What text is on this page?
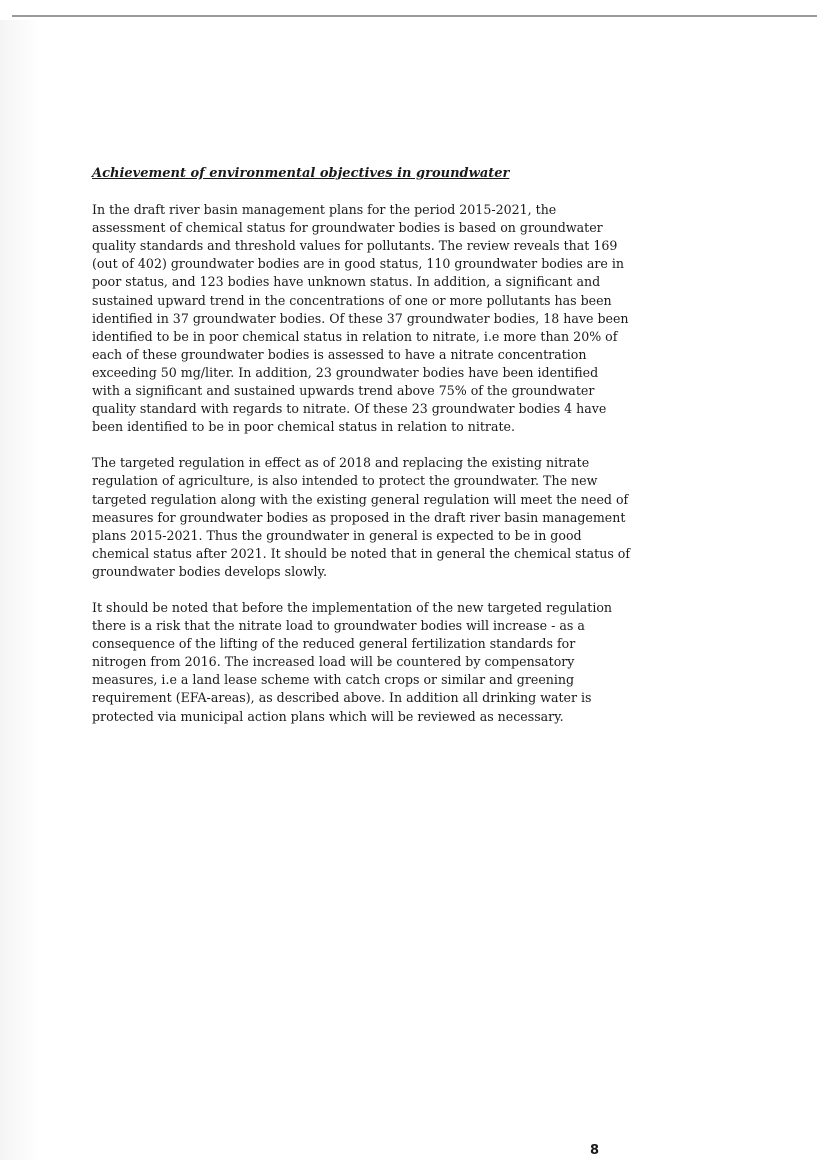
Achievement of environmental objectives in groundwater
In the draft river basin management plans for the period 2015-2021, the
assessment of chemical status for groundwater bodies is based on groundwater
quality standards and threshold values for pollutants. The review reveals that 169
(out of 402) groundwater bodies are in good status, 110 groundwater bodies are in
poor status, and 123 bodies have unknown status. In addition, a significant and
sustained upward trend in the concentrations of one or more pollutants has been
identified in 37 groundwater bodies. Of these 37 groundwater bodies, 18 have been
identified to be in poor chemical status in relation to nitrate, i.e more than 20% of
each of these groundwater bodies is assessed to have a nitrate concentration
exceeding 50 mg/liter. In addition, 23 groundwater bodies have been identified
with a significant and sustained upwards trend above 75% of the groundwater
quality standard with regards to nitrate. Of these 23 groundwater bodies 4 have
been identified to be in poor chemical status in relation to nitrate.
The targeted regulation in effect as of 2018 and replacing the existing nitrate
regulation of agriculture, is also intended to protect the groundwater. The new
targeted regulation along with the existing general regulation will meet the need of
measures for groundwater bodies as proposed in the draft river basin management
plans 2015-2021. Thus the groundwater in general is expected to be in good
chemical status after 2021. It should be noted that in general the chemical status of
groundwater bodies develops slowly.
It should be noted that before the implementation of the new targeted regulation
there is a risk that the nitrate load to groundwater bodies will increase - as a
consequence of the lifting of the reduced general fertilization standards for
nitrogen from 2016. The increased load will be countered by compensatory
measures, i.e a land lease scheme with catch crops or similar and greening
requirement (EFA-areas), as described above. In addition all drinking water is
protected via municipal action plans which will be reviewed as necessary.
8
